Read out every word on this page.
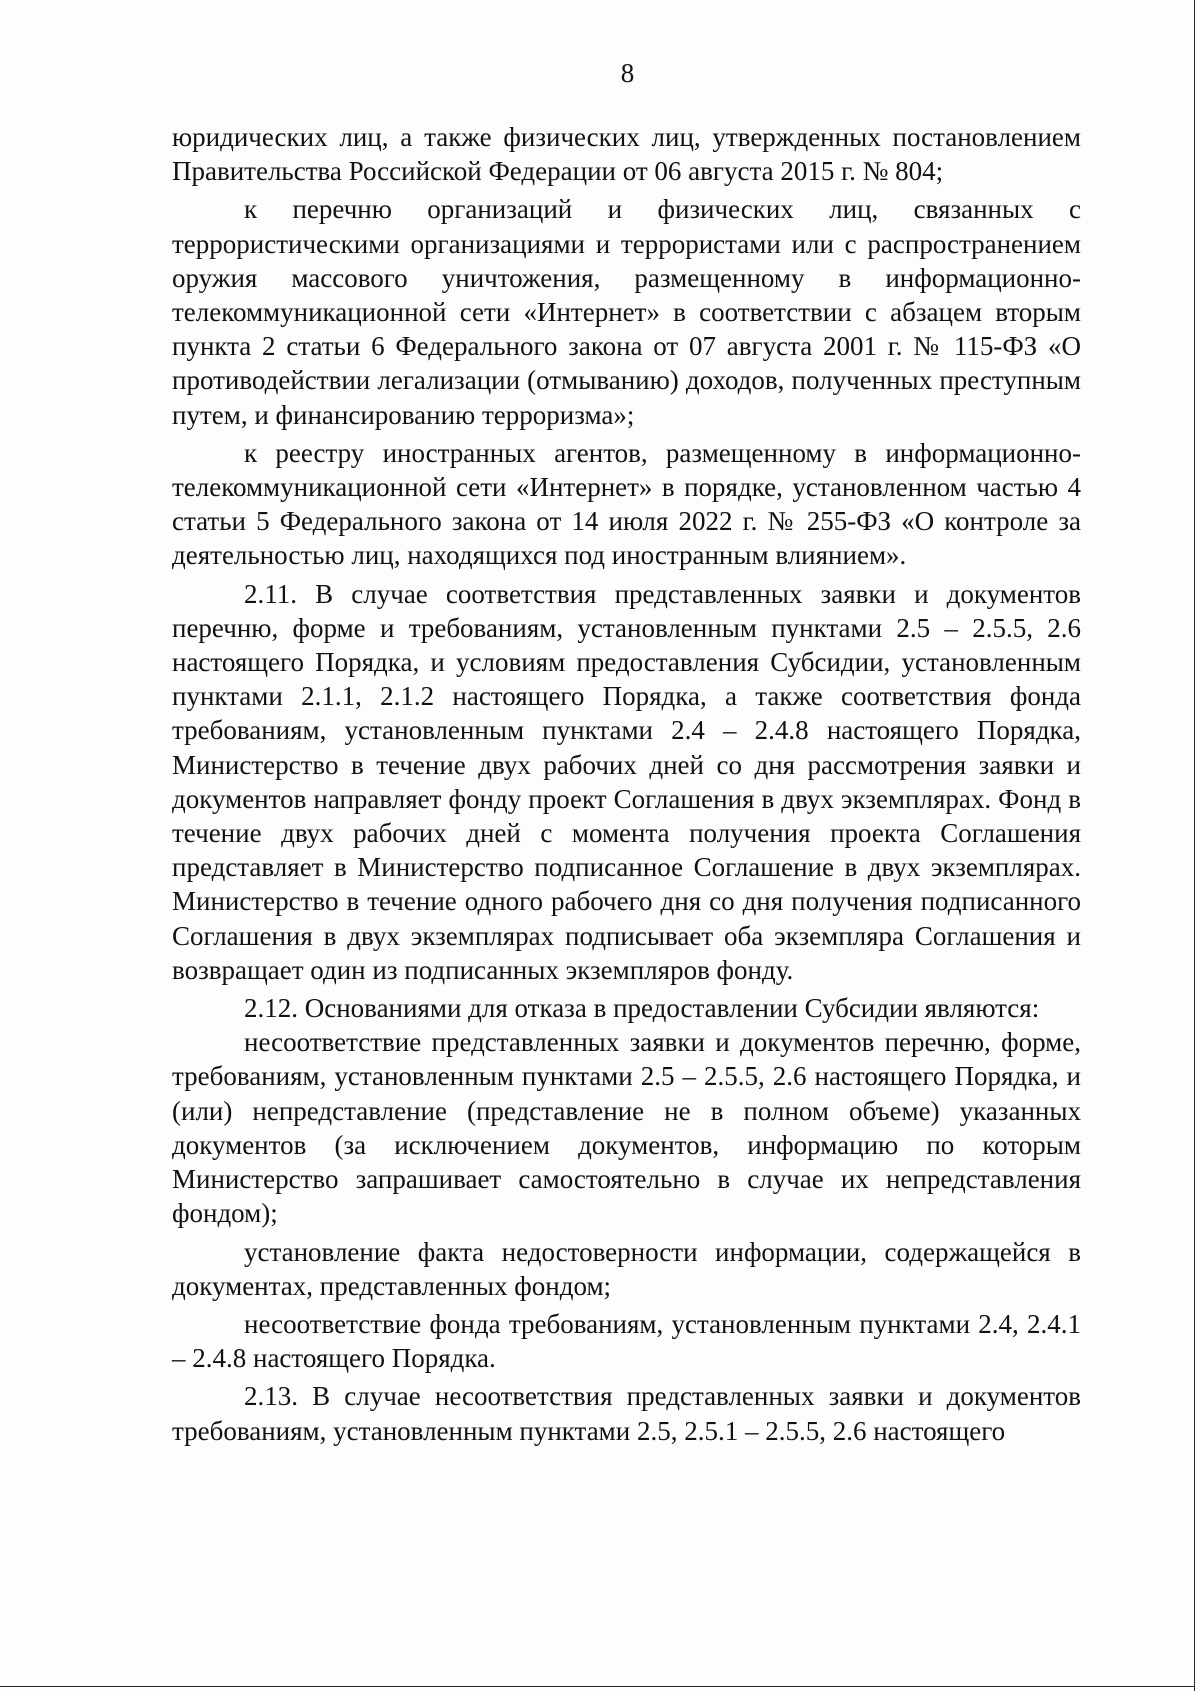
8

юридических лиц, а также физических лиц, утвержденных постановлением Правительства Российской Федерации от 06 августа 2015 г. № 804;

к перечню организаций и физических лиц, связанных с террористическими организациями и террористами или с распространением оружия массового уничтожения, размещенному в информационно-телекоммуникационной сети «Интернет» в соответствии с абзацем вторым пункта 2 статьи 6 Федерального закона от 07 августа 2001 г. № 115-ФЗ «О противодействии легализации (отмыванию) доходов, полученных преступным путем, и финансированию терроризма»;

к реестру иностранных агентов, размещенному в информационно-телекоммуникационной сети «Интернет» в порядке, установленном частью 4 статьи 5 Федерального закона от 14 июля 2022 г. № 255-ФЗ «О контроле за деятельностью лиц, находящихся под иностранным влиянием».

2.11. В случае соответствия представленных заявки и документов перечню, форме и требованиям, установленным пунктами 2.5 – 2.5.5, 2.6 настоящего Порядка, и условиям предоставления Субсидии, установленным пунктами 2.1.1, 2.1.2 настоящего Порядка, а также соответствия фонда требованиям, установленным пунктами 2.4 – 2.4.8 настоящего Порядка, Министерство в течение двух рабочих дней со дня рассмотрения заявки и документов направляет фонду проект Соглашения в двух экземплярах. Фонд в течение двух рабочих дней с момента получения проекта Соглашения представляет в Министерство подписанное Соглашение в двух экземплярах. Министерство в течение одного рабочего дня со дня получения подписанного Соглашения в двух экземплярах подписывает оба экземпляра Соглашения и возвращает один из подписанных экземпляров фонду.

2.12. Основаниями для отказа в предоставлении Субсидии являются:

несоответствие представленных заявки и документов перечню, форме, требованиям, установленным пунктами 2.5 – 2.5.5, 2.6 настоящего Порядка, и (или) непредставление (представление не в полном объеме) указанных документов (за исключением документов, информацию по которым Министерство запрашивает самостоятельно в случае их непредставления фондом);

установление факта недостоверности информации, содержащейся в документах, представленных фондом;

несоответствие фонда требованиям, установленным пунктами 2.4, 2.4.1 – 2.4.8 настоящего Порядка.

2.13. В случае несоответствия представленных заявки и документов требованиям, установленным пунктами 2.5, 2.5.1 – 2.5.5, 2.6 настоящего
